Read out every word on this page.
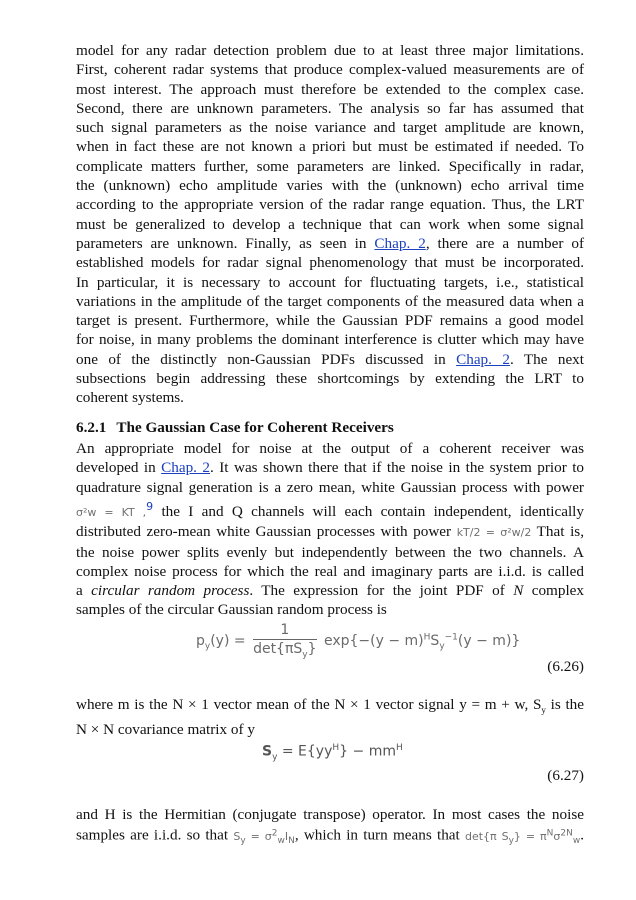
model for any radar detection problem due to at least three major limitations.
First, coherent radar systems that produce complex-valued measurements are of
most interest. The approach must therefore be extended to the complex case.
Second, there are unknown parameters. The analysis so far has assumed that
such signal parameters as the noise variance and target amplitude are known,
when in fact these are not known a priori but must be estimated if needed. To
complicate matters further, some parameters are linked. Specifically in radar,
the (unknown) echo amplitude varies with the (unknown) echo arrival time
according to the appropriate version of the radar range equation. Thus, the LRT
must be generalized to develop a technique that can work when some signal
parameters are unknown. Finally, as seen in Chap. 2, there are a number of
established models for radar signal phenomenology that must be incorporated.
In particular, it is necessary to account for fluctuating targets, i.e., statistical
variations in the amplitude of the target components of the measured data when a
target is present. Furthermore, while the Gaussian PDF remains a good model
for noise, in many problems the dominant interference is clutter which may have
one of the distinctly non-Gaussian PDFs discussed in Chap. 2. The next
subsections begin addressing these shortcomings by extending the LRT to
coherent systems.
6.2.1 The Gaussian Case for Coherent Receivers
An appropriate model for noise at the output of a coherent receiver was
developed in Chap. 2. It was shown there that if the noise in the system prior to
quadrature signal generation is a zero mean, white Gaussian process with power
σ²w = KT ,$^9$ the I and Q channels will each contain independent, identically
distributed zero-mean white Gaussian processes with power kT/2 = σ²w/2 That is,
the noise power splits evenly but independently between the two channels. A
complex noise process for which the real and imaginary parts are i.i.d. is called
a circular random process. The expression for the joint PDF of N complex
samples of the circular Gaussian random process is
$p_y(y) = \frac{1}{\det\{\pi S_y\}} \exp\{-(y - m)^HS_y^{-1}(y - m)\}$
(6.26)
where m is the N × 1 vector mean of the N × 1 vector signal y = m + w, $S_y$ is the
N × N covariance matrix of y
$S_y = E\{yy^H\} - mm^H$
(6.27)
and H is the Hermitian (conjugate transpose) operator. In most cases the noise
samples are i.i.d. so that $S_y = \sigma^2_wI_N$, which in turn means that det{π $S_y\} = \pi^N\sigma^{2N}_w$.
